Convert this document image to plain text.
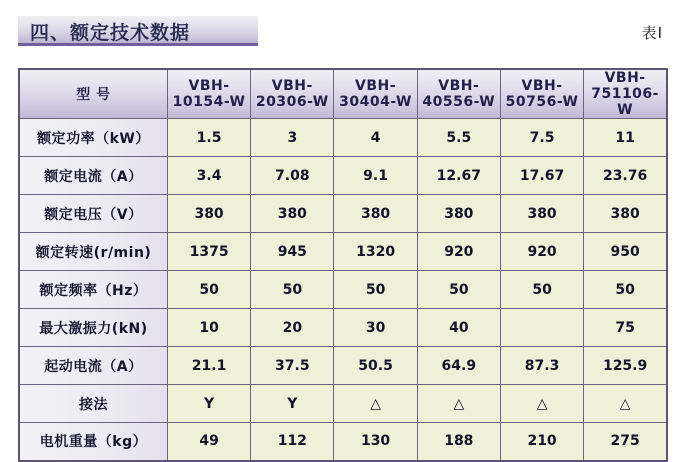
四、额定技术数据	表Ⅰ
型 号	VBH-10154-W	VBH-20306-W	VBH-30404-W	VBH-40556-W	VBH-50756-W	VBH-751106-W
额定功率（kW）	1.5	3	4	5.5	7.5	11
额定电流（A）	3.4	7.08	9.1	12.67	17.67	23.76
额定电压（V）	380	380	380	380	380	380
额定转速(r/min)	1375	945	1320	920	920	950
额定频率（Hz）	50	50	50	50	50	50
最大激振力(kN)	10	20	30	40		75
起动电流（A）	21.1	37.5	50.5	64.9	87.3	125.9
接法	Y	Y	△	△	△	△
电机重量（kg）	49	112	130	188	210	275
